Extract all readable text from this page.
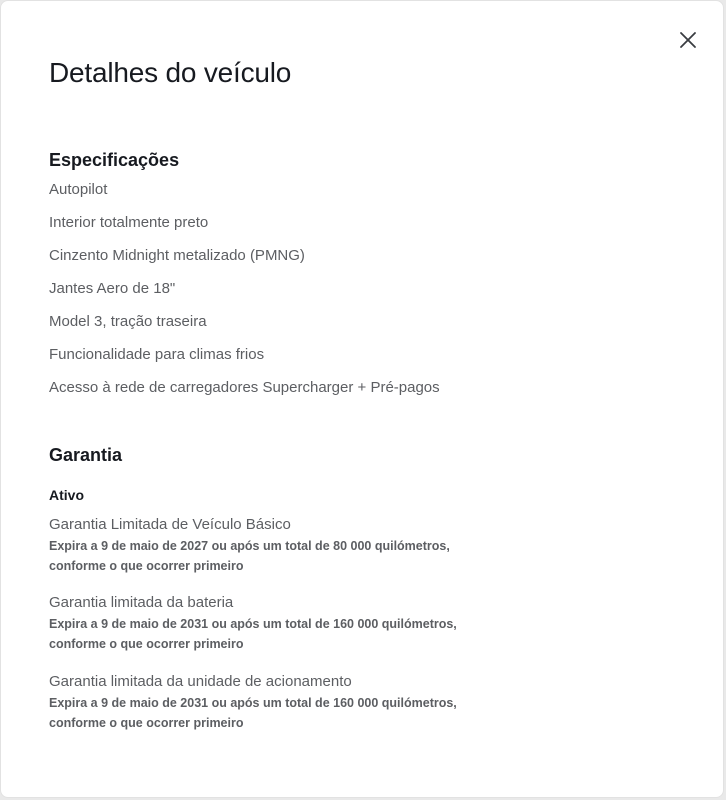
Detalhes do veículo
Especificações
Autopilot
Interior totalmente preto
Cinzento Midnight metalizado (PMNG)
Jantes Aero de 18"
Model 3, tração traseira
Funcionalidade para climas frios
Acesso à rede de carregadores Supercharger + Pré-pagos
Garantia
Ativo
Garantia Limitada de Veículo Básico
Expira a 9 de maio de 2027 ou após um total de 80 000 quilómetros, conforme o que ocorrer primeiro
Garantia limitada da bateria
Expira a 9 de maio de 2031 ou após um total de 160 000 quilómetros, conforme o que ocorrer primeiro
Garantia limitada da unidade de acionamento
Expira a 9 de maio de 2031 ou após um total de 160 000 quilómetros, conforme o que ocorrer primeiro
